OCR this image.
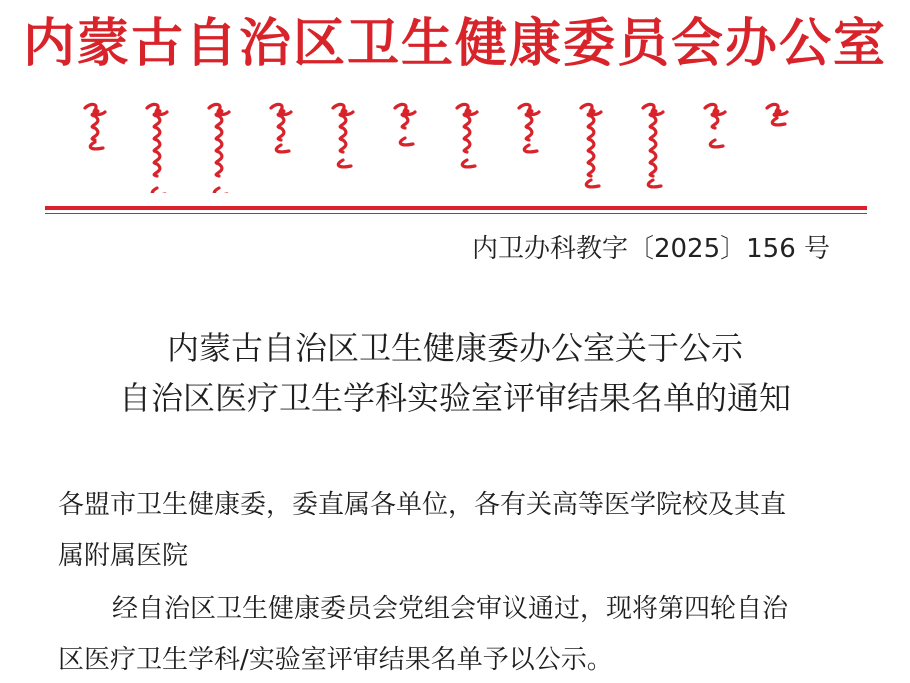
内蒙古自治区卫生健康委员会办公室
内卫办科教字〔2025〕156 号
内蒙古自治区卫生健康委办公室关于公示
自治区医疗卫生学科实验室评审结果名单的通知
各盟市卫生健康委，委直属各单位，各有关高等医学院校及其直
属附属医院
经自治区卫生健康委员会党组会审议通过，现将第四轮自治
区医疗卫生学科/实验室评审结果名单予以公示。
